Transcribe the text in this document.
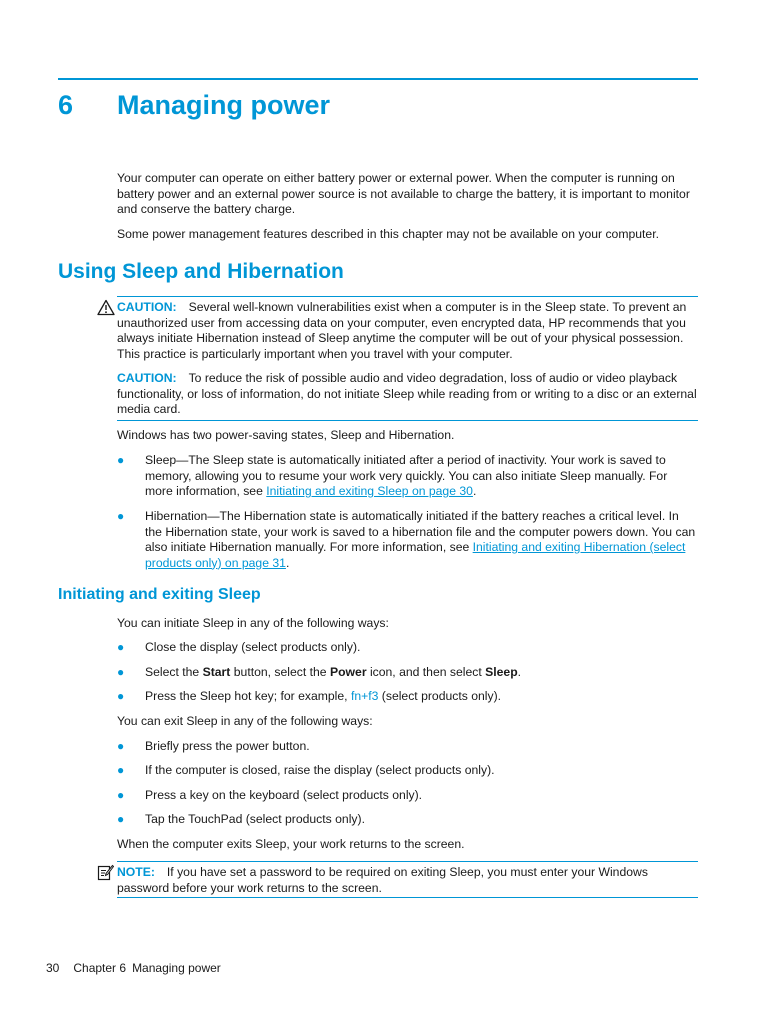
6 Managing power
Your computer can operate on either battery power or external power. When the computer is running on battery power and an external power source is not available to charge the battery, it is important to monitor and conserve the battery charge.
Some power management features described in this chapter may not be available on your computer.
Using Sleep and Hibernation
CAUTION: Several well-known vulnerabilities exist when a computer is in the Sleep state. To prevent an unauthorized user from accessing data on your computer, even encrypted data, HP recommends that you always initiate Hibernation instead of Sleep anytime the computer will be out of your physical possession. This practice is particularly important when you travel with your computer.
CAUTION: To reduce the risk of possible audio and video degradation, loss of audio or video playback functionality, or loss of information, do not initiate Sleep while reading from or writing to a disc or an external media card.
Windows has two power-saving states, Sleep and Hibernation.
● Sleep—The Sleep state is automatically initiated after a period of inactivity. Your work is saved to memory, allowing you to resume your work very quickly. You can also initiate Sleep manually. For more information, see Initiating and exiting Sleep on page 30.
● Hibernation—The Hibernation state is automatically initiated if the battery reaches a critical level. In the Hibernation state, your work is saved to a hibernation file and the computer powers down. You can also initiate Hibernation manually. For more information, see Initiating and exiting Hibernation (select products only) on page 31.
Initiating and exiting Sleep
You can initiate Sleep in any of the following ways:
● Close the display (select products only).
● Select the Start button, select the Power icon, and then select Sleep.
● Press the Sleep hot key; for example, fn+f3 (select products only).
You can exit Sleep in any of the following ways:
● Briefly press the power button.
● If the computer is closed, raise the display (select products only).
● Press a key on the keyboard (select products only).
● Tap the TouchPad (select products only).
When the computer exits Sleep, your work returns to the screen.
NOTE: If you have set a password to be required on exiting Sleep, you must enter your Windows password before your work returns to the screen.
30 Chapter 6 Managing power
